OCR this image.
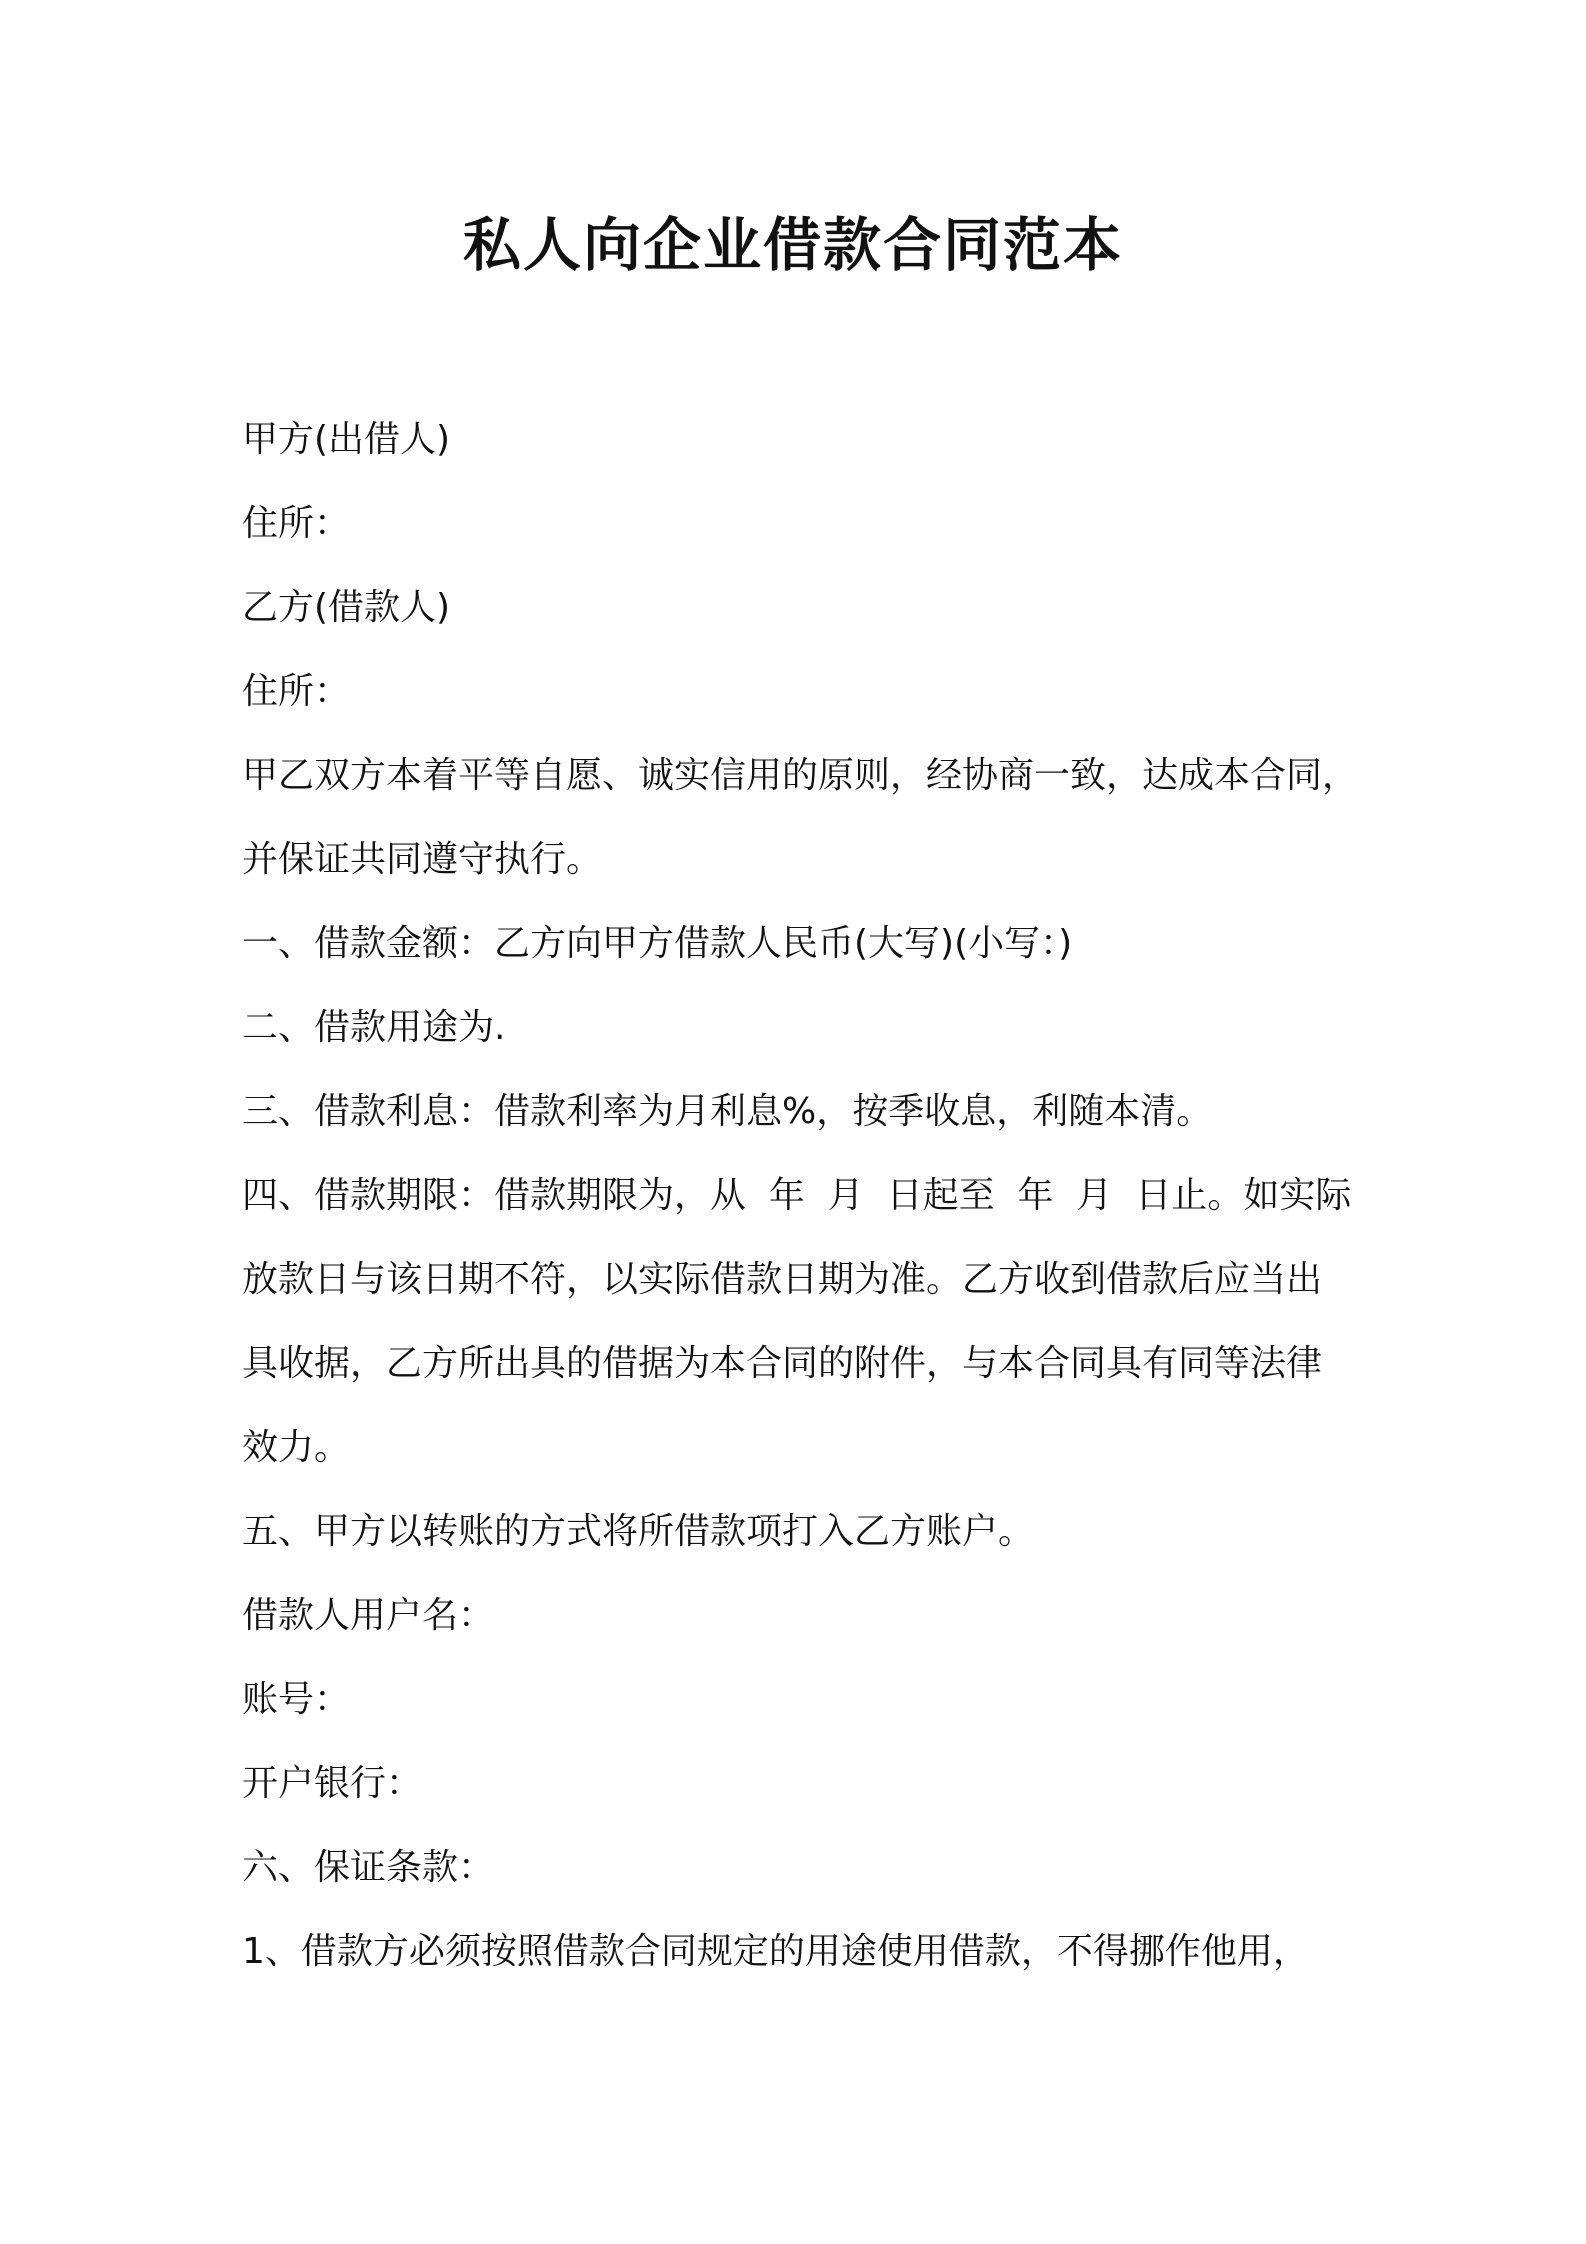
私人向企业借款合同范本

甲方(出借人)

住所：

乙方(借款人)

住所：

甲乙双方本着平等自愿、诚实信用的原则，经协商一致，达成本合同，

并保证共同遵守执行。

一、借款金额：乙方向甲方借款人民币(大写)(小写：)

二、借款用途为.

三、借款利息：借款利率为月利息%，按季收息，利随本清。

四、借款期限：借款期限为，从  年  月  日起至  年  月  日止。如实际

放款日与该日期不符，以实际借款日期为准。乙方收到借款后应当出

具收据，乙方所出具的借据为本合同的附件，与本合同具有同等法律

效力。

五、甲方以转账的方式将所借款项打入乙方账户。

借款人用户名：

账号：

开户银行：

六、保证条款：

1、借款方必须按照借款合同规定的用途使用借款，不得挪作他用，
